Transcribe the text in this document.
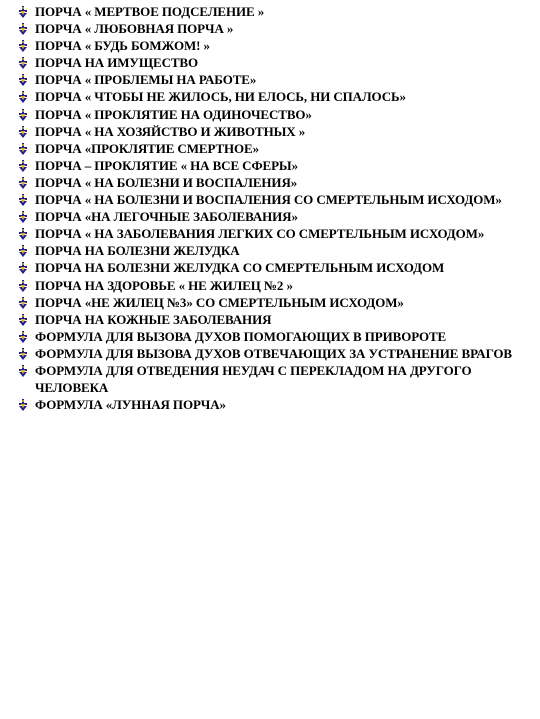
ПОРЧА « МЕРТВОЕ ПОДСЕЛЕНИЕ »
ПОРЧА « ЛЮБОВНАЯ ПОРЧА »
ПОРЧА « БУДЬ БОМЖОМ! »
ПОРЧА НА ИМУЩЕСТВО
ПОРЧА « ПРОБЛЕМЫ НА РАБОТЕ»
ПОРЧА « ЧТОБЫ НЕ ЖИЛОСЬ, НИ ЕЛОСЬ, НИ СПАЛОСЬ»
ПОРЧА « ПРОКЛЯТИЕ НА ОДИНОЧЕСТВО»
ПОРЧА « НА ХОЗЯЙСТВО И ЖИВОТНЫХ »
ПОРЧА «ПРОКЛЯТИЕ СМЕРТНОЕ»
ПОРЧА – ПРОКЛЯТИЕ « НА ВСЕ СФЕРЫ»
ПОРЧА « НА БОЛЕЗНИ И ВОСПАЛЕНИЯ»
ПОРЧА « НА БОЛЕЗНИ И ВОСПАЛЕНИЯ СО СМЕРТЕЛЬНЫМ ИСХОДОМ»
ПОРЧА «НА ЛЕГОЧНЫЕ ЗАБОЛЕВАНИЯ»
ПОРЧА « НА ЗАБОЛЕВАНИЯ ЛЕГКИХ СО СМЕРТЕЛЬНЫМ ИСХОДОМ»
ПОРЧА НА БОЛЕЗНИ ЖЕЛУДКА
ПОРЧА НА БОЛЕЗНИ ЖЕЛУДКА СО СМЕРТЕЛЬНЫМ ИСХОДОМ
ПОРЧА НА ЗДОРОВЬЕ « НЕ ЖИЛЕЦ №2 »
ПОРЧА «НЕ ЖИЛЕЦ №3» СО СМЕРТЕЛЬНЫМ ИСХОДОМ»
ПОРЧА НА КОЖНЫЕ ЗАБОЛЕВАНИЯ
ФОРМУЛА ДЛЯ ВЫЗОВА ДУХОВ ПОМОГАЮЩИХ В ПРИВОРОТЕ
ФОРМУЛА ДЛЯ ВЫЗОВА ДУХОВ ОТВЕЧАЮЩИХ ЗА УСТРАНЕНИЕ ВРАГОВ
ФОРМУЛА ДЛЯ ОТВЕДЕНИЯ НЕУДАЧ С ПЕРЕКЛАДОМ НА ДРУГОГО ЧЕЛОВЕКА
ФОРМУЛА «ЛУННАЯ ПОРЧА»
